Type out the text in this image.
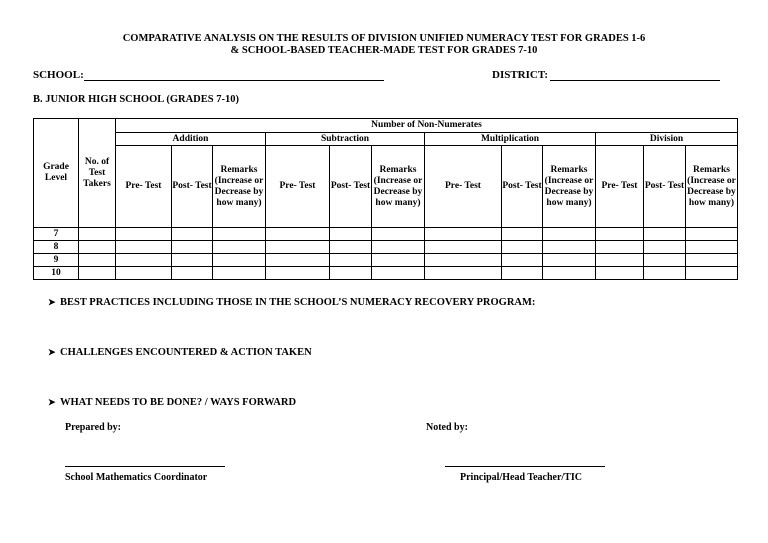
COMPARATIVE ANALYSIS ON THE RESULTS OF DIVISION UNIFIED NUMERACY TEST FOR GRADES 1-6
& SCHOOL-BASED TEACHER-MADE TEST FOR GRADES 7-10
SCHOOL:	DISTRICT:
B. JUNIOR HIGH SCHOOL (GRADES 7-10)
Grade Level	No. of Test Takers	Number of Non-Numerates											
		Addition			Subtraction			Multiplication			Division		
		Pre- Test	Post- Test	Remarks (Increase or Decrease by how many)	Pre- Test	Post- Test	Remarks (Increase or Decrease by how many)	Pre- Test	Post- Test	Remarks (Increase or Decrease by how many)	Pre- Test	Post- Test	Remarks (Increase or Decrease by how many)
7													
8													
9													
10													
➤ BEST PRACTICES INCLUDING THOSE IN THE SCHOOL’S NUMERACY RECOVERY PROGRAM:
➤ CHALLENGES ENCOUNTERED & ACTION TAKEN
➤ WHAT NEEDS TO BE DONE? / WAYS FORWARD
Prepared by:	Noted by:
School Mathematics Coordinator	Principal/Head Teacher/TIC
